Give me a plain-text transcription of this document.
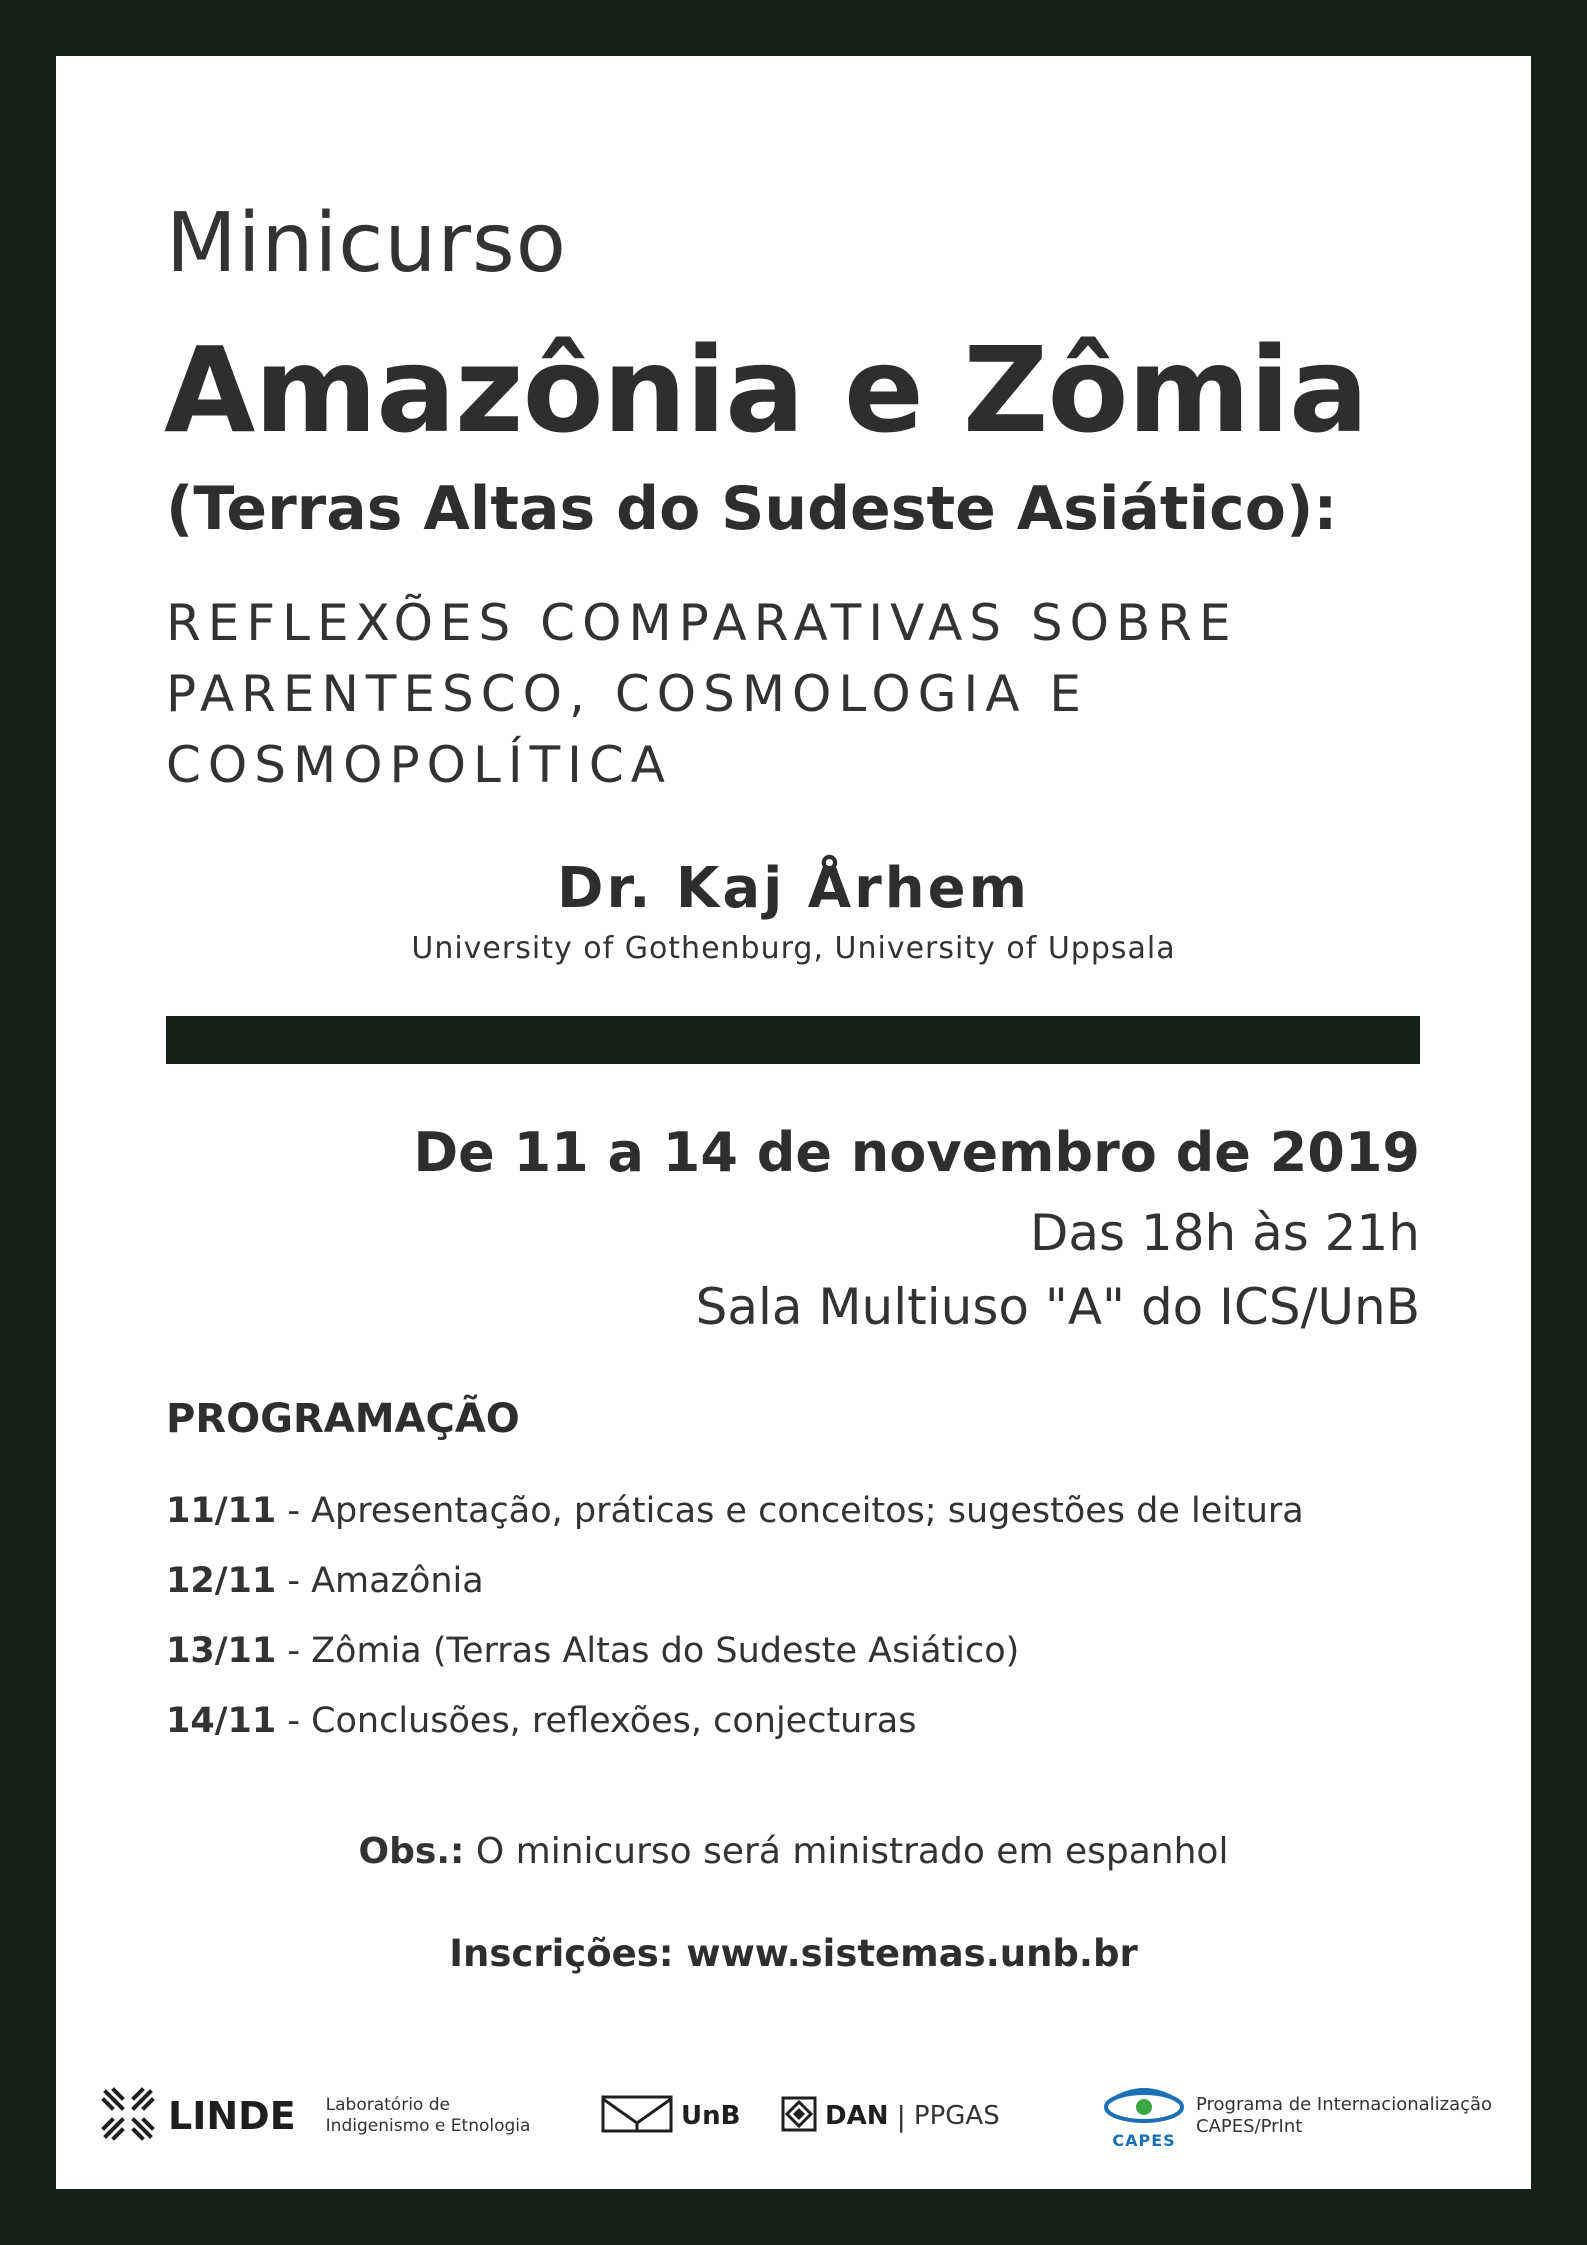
Minicurso
Amazônia e Zômia
(Terras Altas do Sudeste Asiático):
REFLEXÕES COMPARATIVAS SOBRE
PARENTESCO, COSMOLOGIA E
COSMOPOLÍTICA
Dr. Kaj Århem
University of Gothenburg, University of Uppsala
De 11 a 14 de novembro de 2019
Das 18h às 21h
Sala Multiuso "A" do ICS/UnB
PROGRAMAÇÃO
11/11 - Apresentação, práticas e conceitos; sugestões de leitura
12/11 - Amazônia
13/11 - Zômia (Terras Altas do Sudeste Asiático)
14/11 - Conclusões, reflexões, conjecturas
Obs.: O minicurso será ministrado em espanhol
Inscrições: www.sistemas.unb.br
LINDE Laboratório de
Indigenismo e Etnologia	UnB	DAN | PPGAS
CAPES
Programa de Internacionalização
CAPES/PrInt
